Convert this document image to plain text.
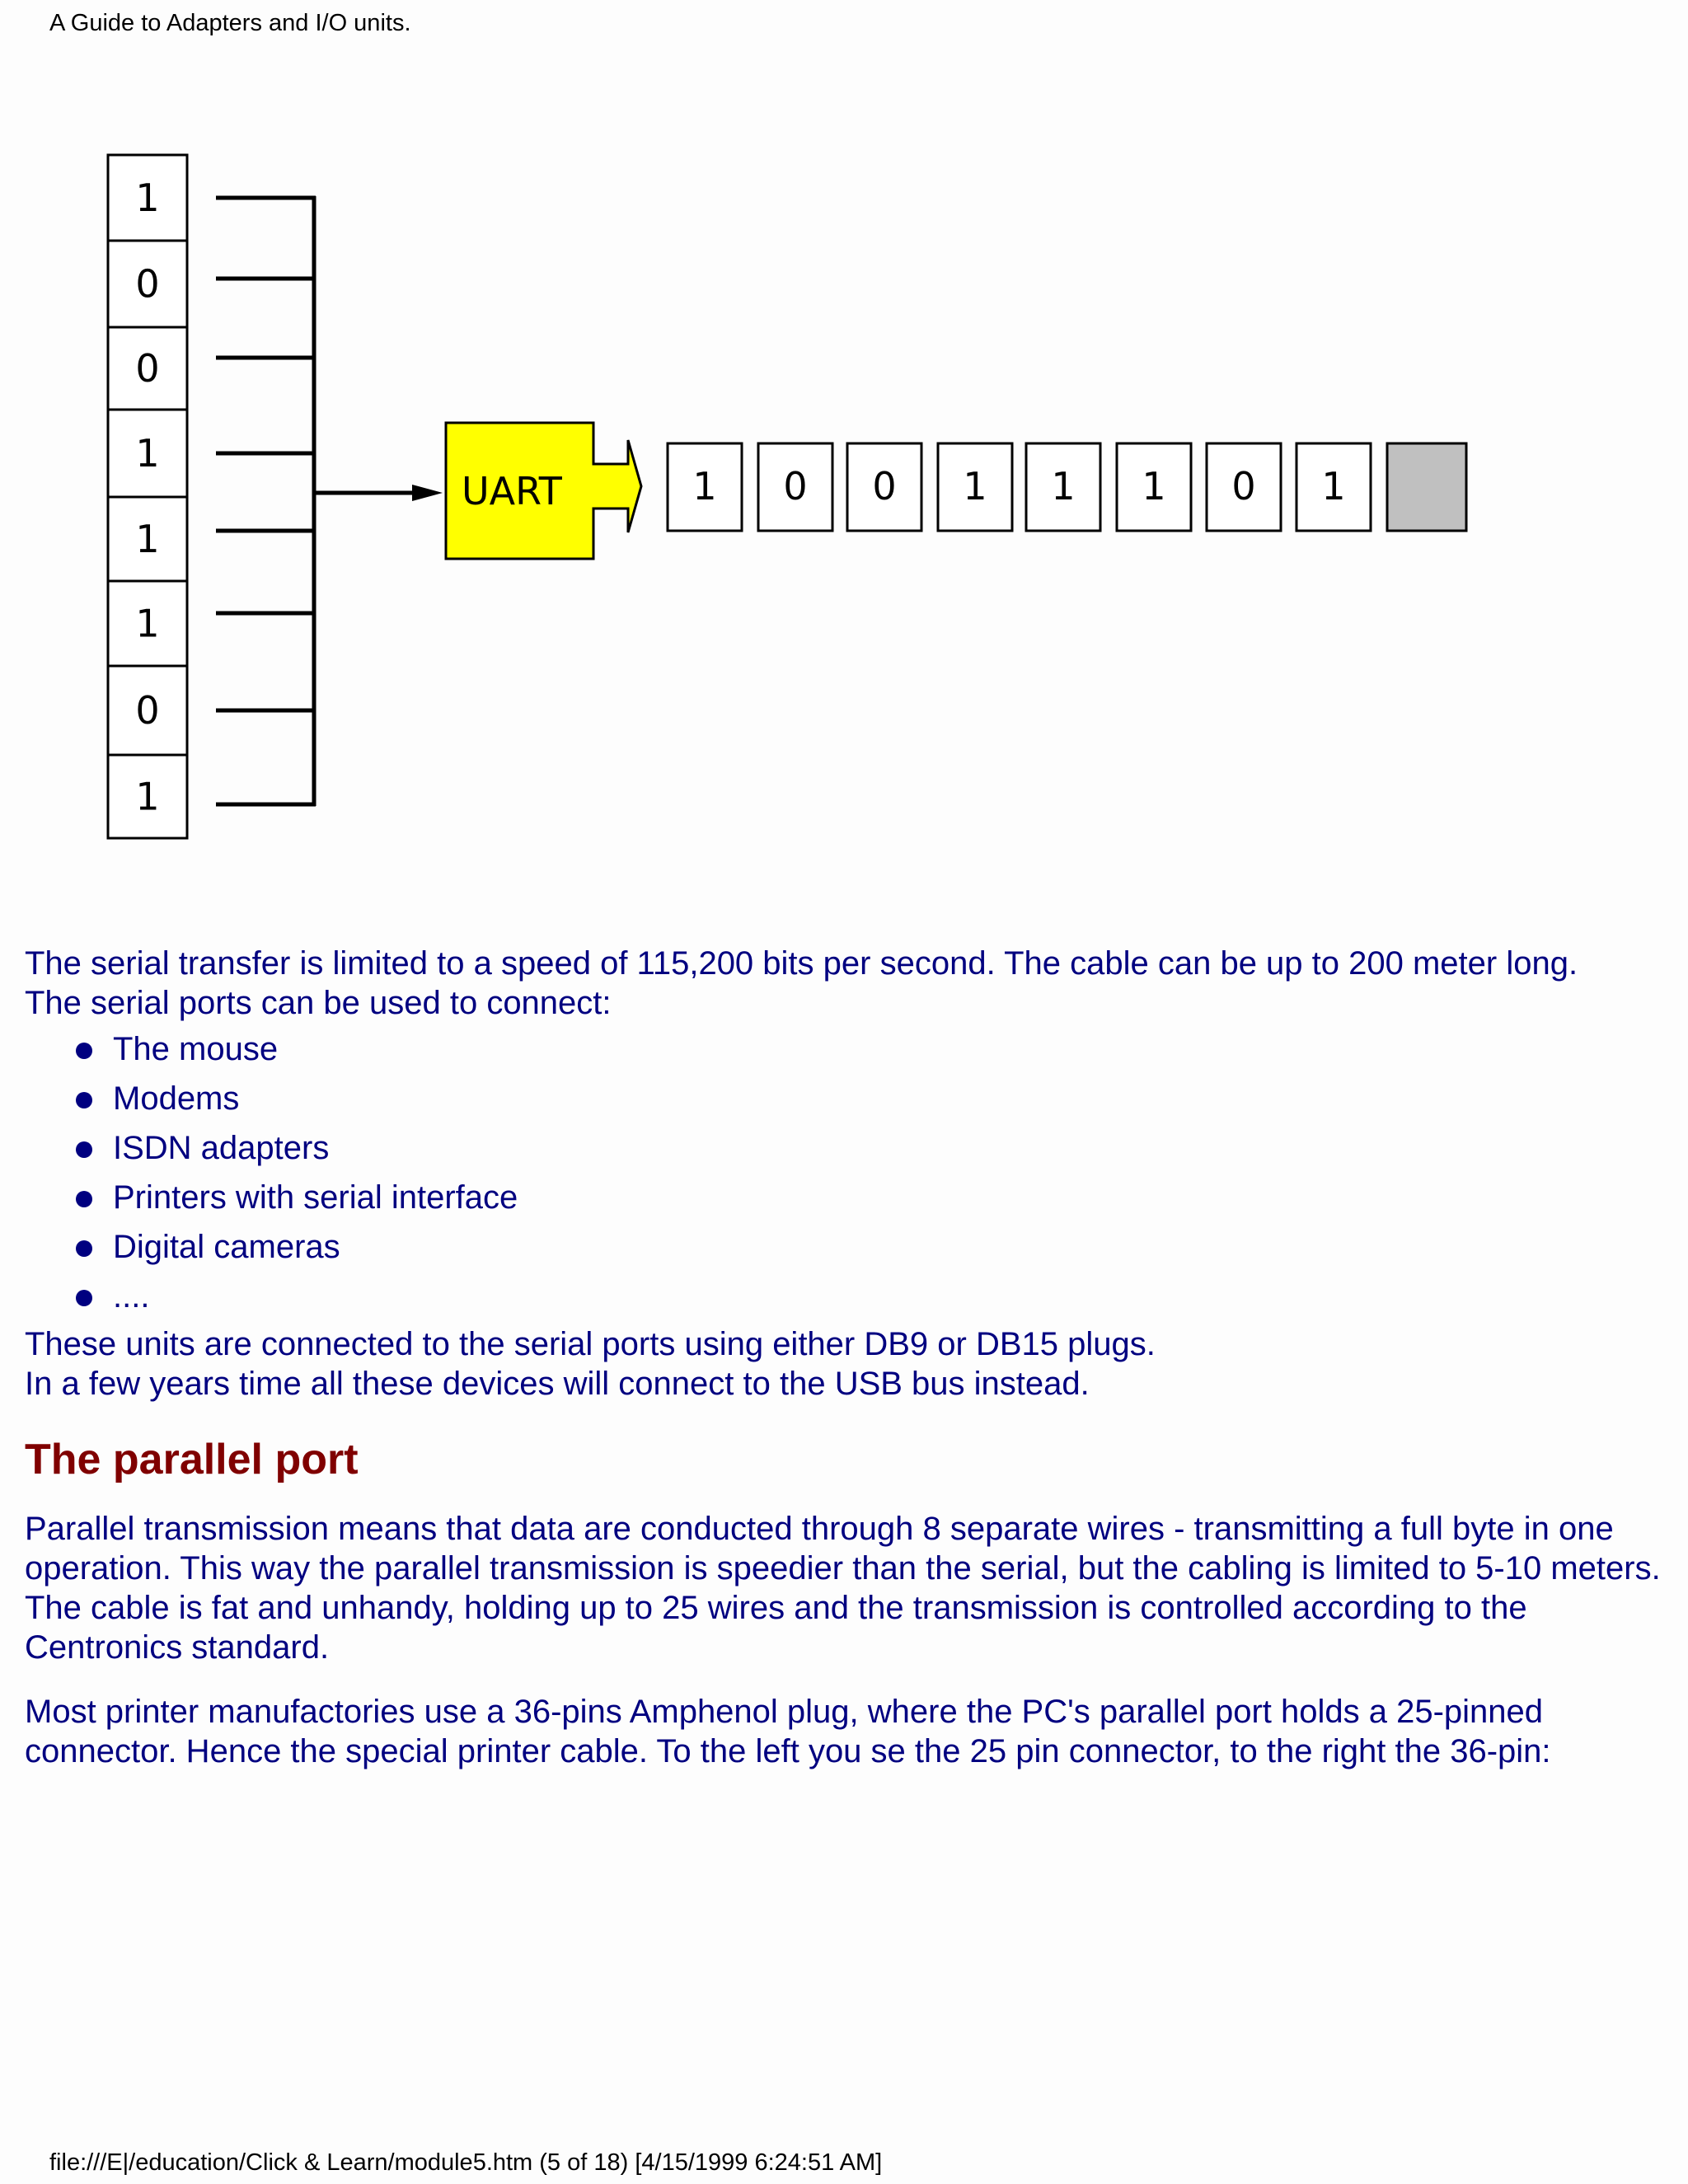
A Guide to Adapters and I/O units.
1
0
0
1
1
1
0
1
UART	1 0 0 1 1 1 0 1

The serial transfer is limited to a speed of 115,200 bits per second. The cable can be up to 200 meter long.

The serial ports can be used to connect:

The mouse
Modems
ISDN adapters
Printers with serial interface
Digital cameras
....

These units are connected to the serial ports using either DB9 or DB15 plugs.

In a few years time all these devices will connect to the USB bus instead.

The parallel port

Parallel transmission means that data are conducted through 8 separate wires - transmitting a full byte in one operation. This way the parallel transmission is speedier than the serial, but the cabling is limited to 5-10 meters. The cable is fat and unhandy, holding up to 25 wires and the transmission is controlled according to the Centronics standard.

Most printer manufactories use a 36-pins Amphenol plug, where the PC's parallel port holds a 25-pinned connector. Hence the special printer cable. To the left you se the 25 pin connector, to the right the 36-pin:

file:///E|/education/Click & Learn/module5.htm (5 of 18) [4/15/1999 6:24:51 AM]
